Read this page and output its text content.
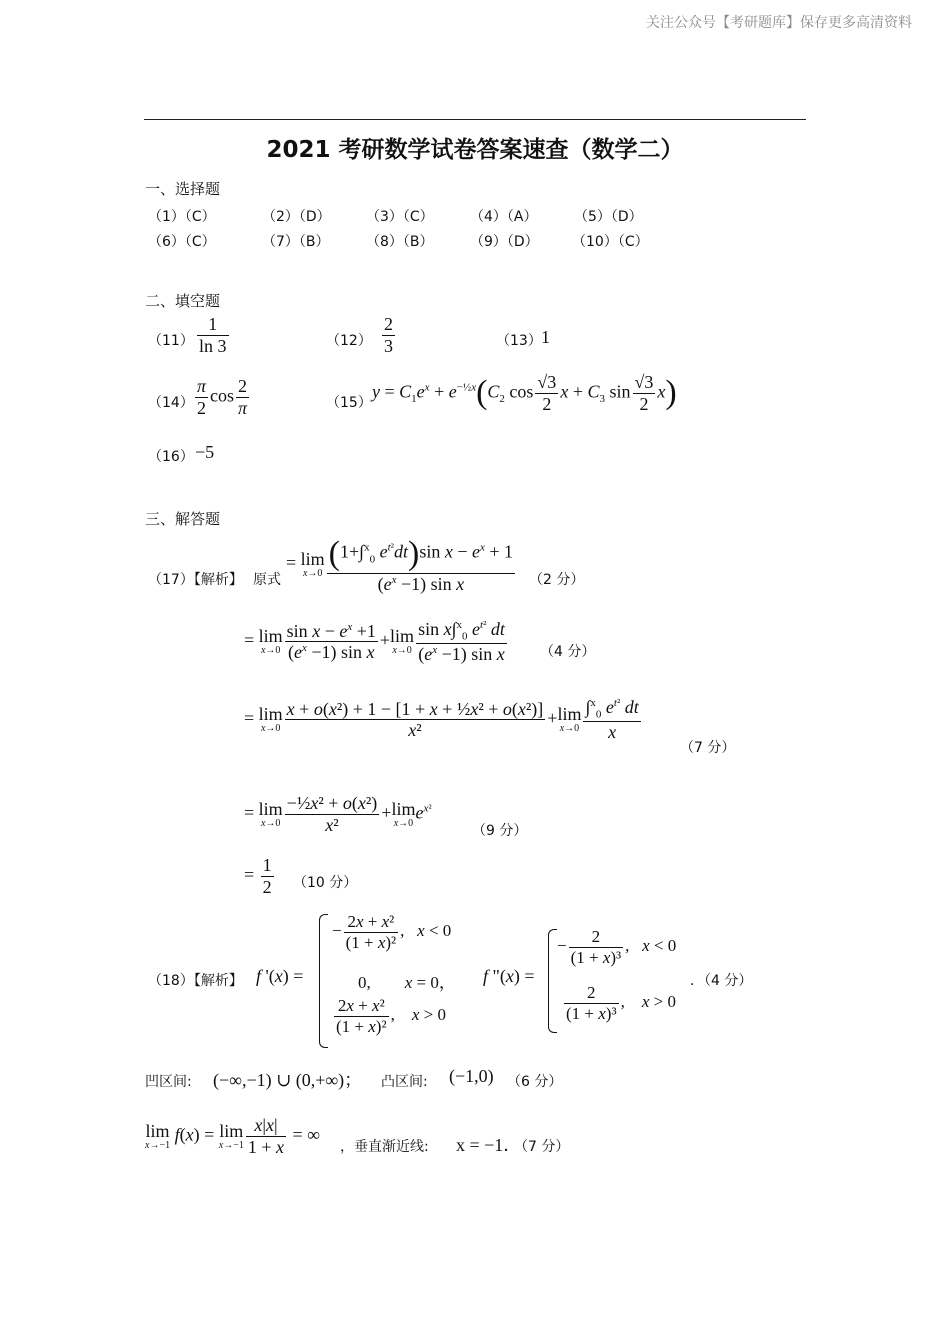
关注公众号【考研题库】保存更多高清资料
2021 考研数学试卷答案速查（数学二）
一、选择题
（1）（C）	（2）（D）	（3）（C）	（4）（A）	（5）（D）
（6）（C）	（7）（B）	（8）（B）	（9）（D） （10）（C）
二、填空题
$(11) \frac{1}{\ln 3}$	$(12) \frac{2}{3}$	（13） 1
$(14) \frac{\pi}{2}$ $\cos \frac{2}{\pi}$	（15）
$y = C_1e^x + e^{-\frac{1}{2}x}(C_2$ $\cos \frac{√3}{2}$ $x + C_3$ $\sin \frac{√3}{2} x$)
（16） −5
三、解答题
（17）【解析】 原式
= lim
$x\to 0 \frac{(1+\int^x_0 e^{t^2}dt)\sin x - e^x + 1}{(e^x -1) \sin x} (2$ 分）
= lim
$x\to 0 \frac{\sin x - e^x +1}{(e^x -1) \sin x} +\lim$
$x\to 0 \frac{\sin x\int^x_0 e^{t^2} dt}{(e^x -1) \sin x} (4$ 分）
= lim
$x\to 0 \frac{\text{x + o(x²) + 1 − [1 + x + ½x² + o(x²)]}}{\text{x²}} +\lim$
$x\to 0 \frac{\int^x_0 e^{t^2} dt}{x}$
（7 分）
= lim
$x\to 0 \frac{\text{−½x² + o(x²)}}{\text{x²}} +\lim$
x→0
$e^{x^2}$
（9 分）
= $\frac{1}{2} (10$ 分）
（18）【解析】 f '(x) =
− $\frac{\text{2x + x²}}{\text{(1 + x)²}}$ ,   x < 0
0,        x = 0，
$\frac{\text{2x + x²}}{\text{(1 + x)²}}$ ,    x > 0
f "(x) =
− $\frac{2}{\text{(1 + x)³}}$ ,   x < 0
$\frac{2}{\text{(1 + x)³}}$ ,    x > 0
．（4 分）
凹区间: (−∞,−1) ∪ (0,+∞)； 凸区间: (−1,0) （6 分）
lim
x→−1
f(x) = lim
$x\to-1 \frac{x|x|}{1 + x}$ = ∞
，垂直渐近线: x = −1．
（7 分）
